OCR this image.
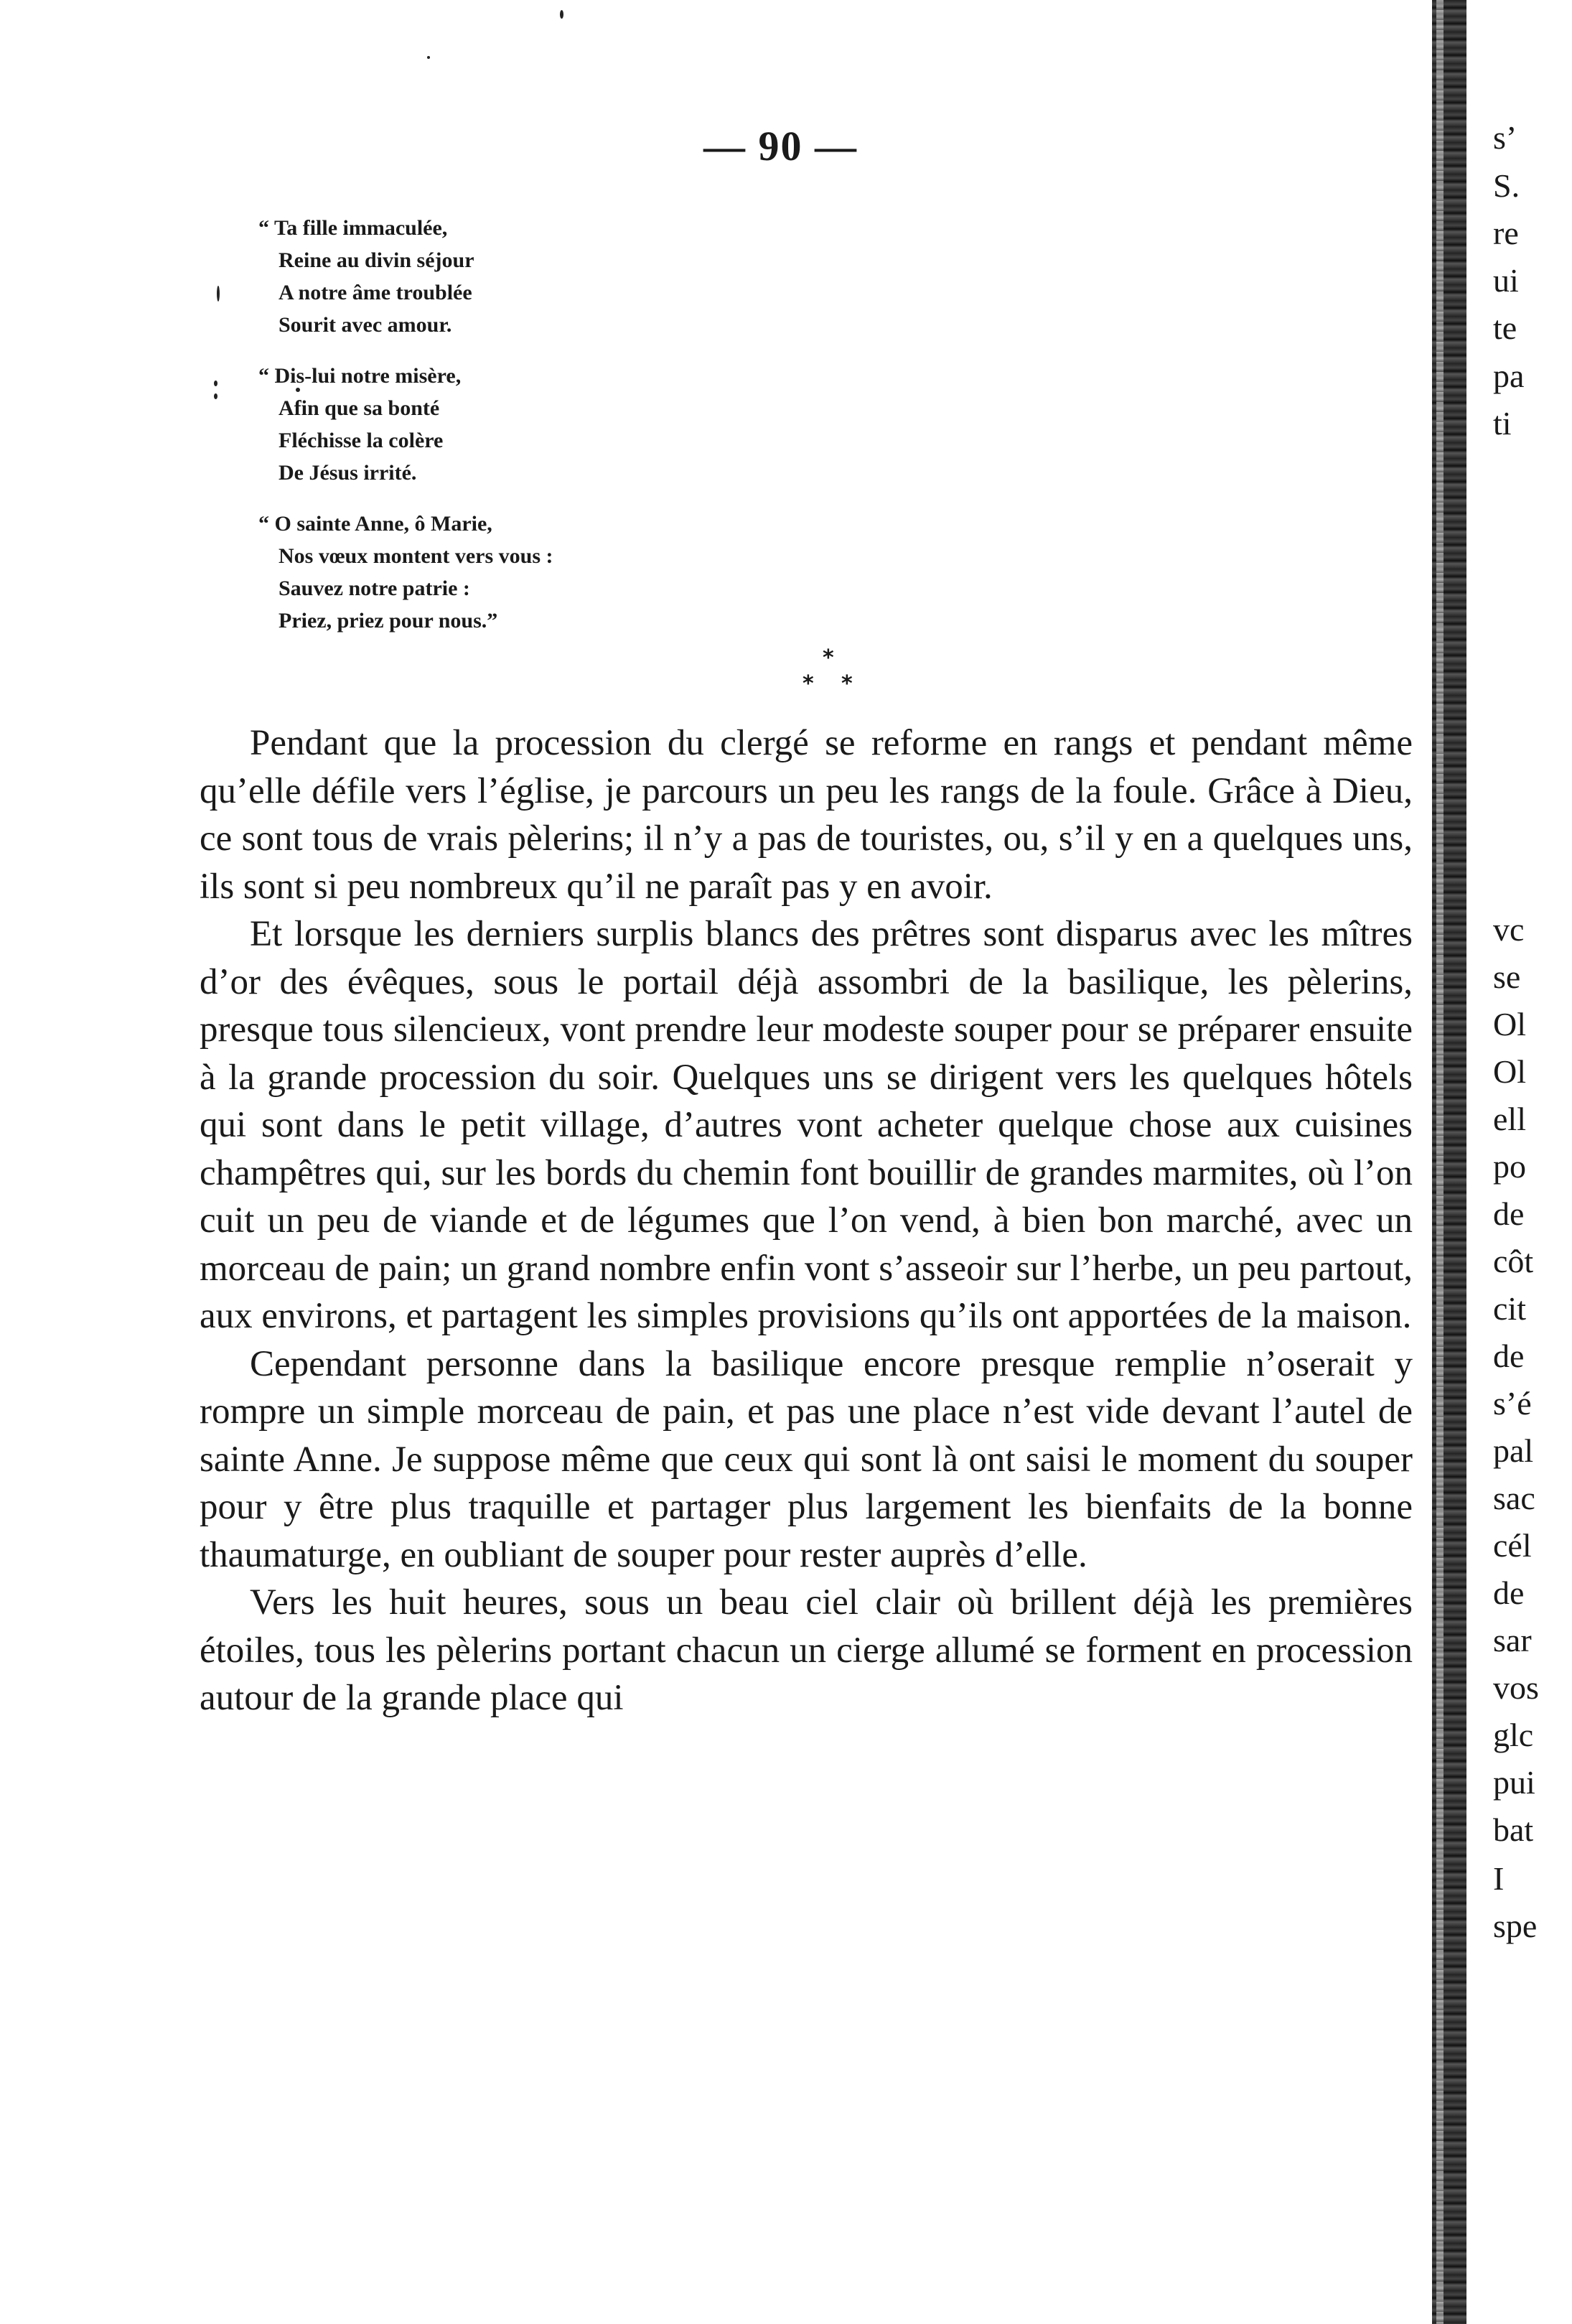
— 90 —
“ Ta fille immaculée,
Reine au divin séjour
A notre âme troublée
Sourit avec amour.
“ Dis-lui notre misère,
Afin que sa bonté
Fléchisse la colère
De Jésus irrité.
“ O sainte Anne, ô Marie,
Nos vœux montent vers vous :
Sauvez notre patrie :
Priez, priez pour nous.”
*
* *

Pendant que la procession du clergé se reforme en rangs et pendant même qu’elle défile vers l’église, je parcours un peu les rangs de la foule. Grâce à Dieu, ce sont tous de vrais pèlerins; il n’y a pas de touristes, ou, s’il y en a quelques uns, ils sont si peu nombreux qu’il ne paraît pas y en avoir.

Et lorsque les derniers surplis blancs des prêtres sont disparus avec les mîtres d’or des évêques, sous le portail déjà assombri de la basilique, les pèlerins, presque tous silencieux, vont prendre leur modeste souper pour se préparer ensuite à la grande procession du soir. Quelques uns se dirigent vers les quelques hôtels qui sont dans le petit village, d’autres vont acheter quelque chose aux cuisines champêtres qui, sur les bords du chemin font bouillir de grandes marmites, où l’on cuit un peu de viande et de légumes que l’on vend, à bien bon marché, avec un morceau de pain; un grand nombre enfin vont s’asseoir sur l’herbe, un peu partout, aux environs, et partagent les simples provisions qu’ils ont apportées de la maison.

Cependant personne dans la basilique encore presque remplie n’oserait y rompre un simple morceau de pain, et pas une place n’est vide devant l’autel de sainte Anne. Je suppose même que ceux qui sont là ont saisi le moment du souper pour y être plus traquille et partager plus largement les bienfaits de la bonne thaumaturge, en oubliant de souper pour rester auprès d’elle.

Vers les huit heures, sous un beau ciel clair où brillent déjà les premières étoiles, tous les pèlerins portant chacun un cierge allumé se forment en procession autour de la grande place qui

s’
S.
re
ui
te
pa
ti
vc
se
Ol
Ol
ell
po
de
côt
cit
de
s’é
pal
sac
cél
de
sar
vos
glc
pui
bat
I
spe
